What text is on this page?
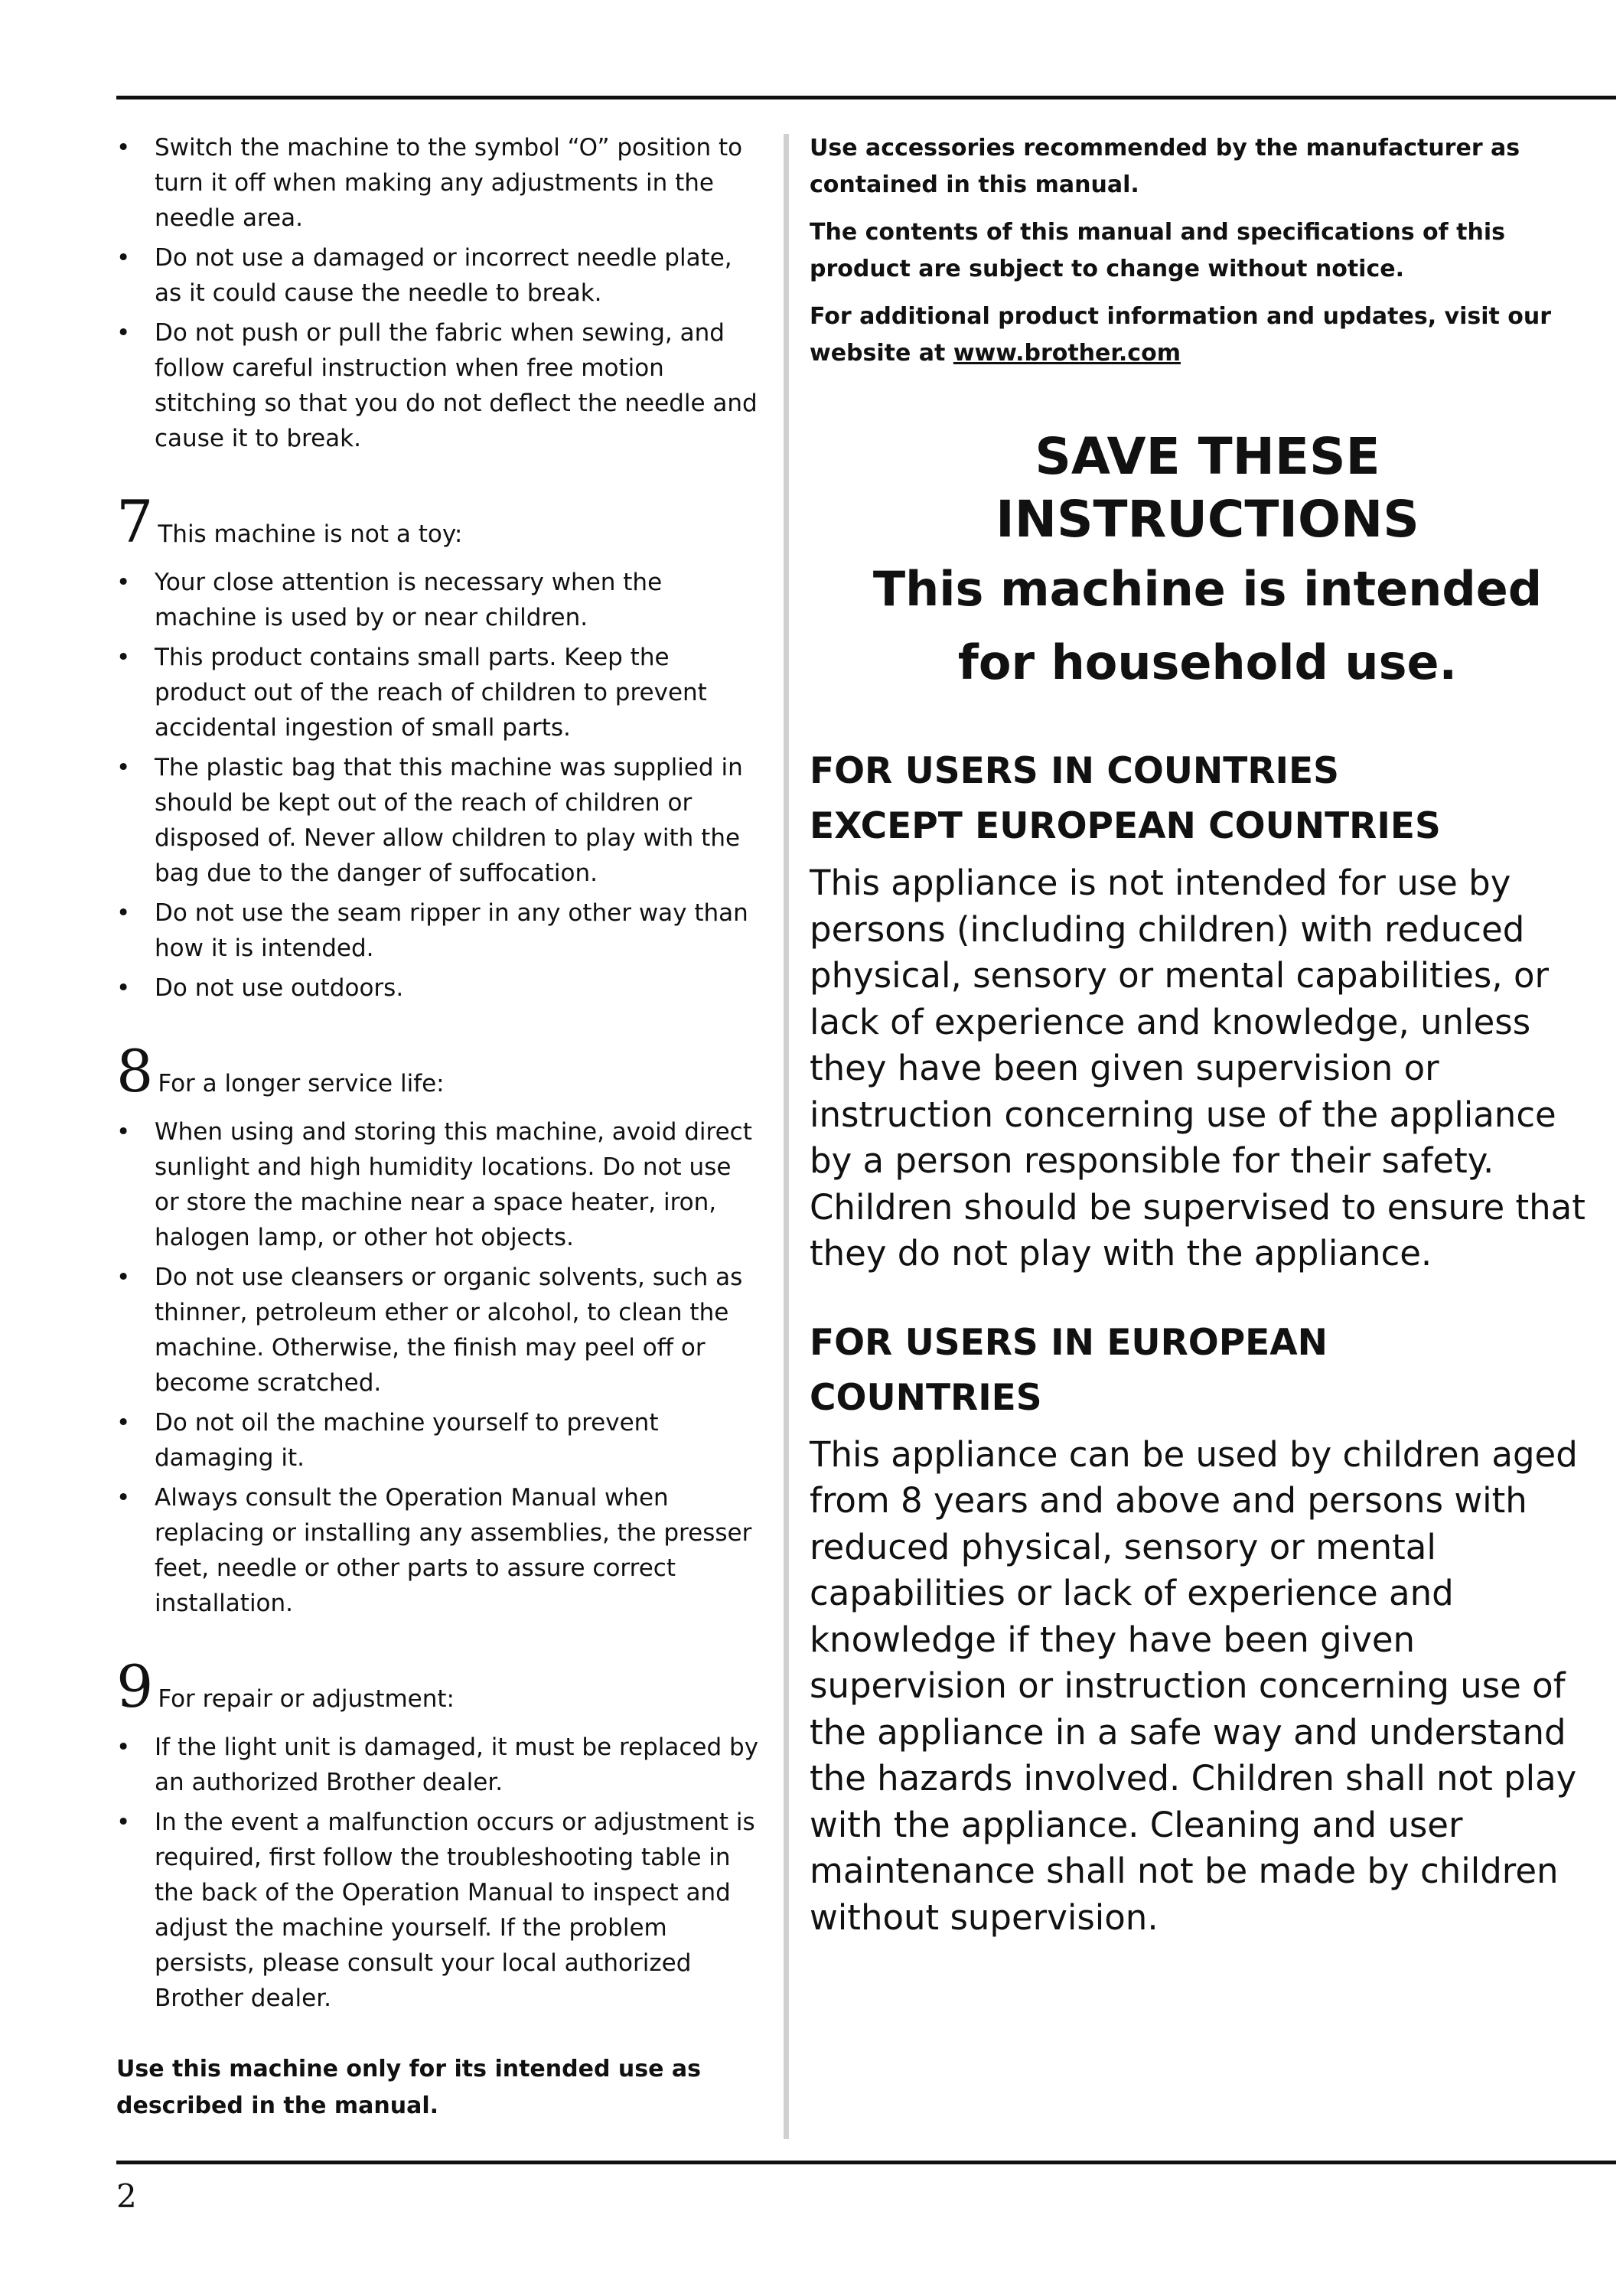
• Switch the machine to the symbol “O” position to turn it off when making any adjustments in the needle area.
• Do not use a damaged or incorrect needle plate, as it could cause the needle to break.
• Do not push or pull the fabric when sewing, and follow careful instruction when free motion stitching so that you do not deflect the needle and cause it to break.
7 This machine is not a toy:
• Your close attention is necessary when the machine is used by or near children.
• This product contains small parts. Keep the product out of the reach of children to prevent accidental ingestion of small parts.
• The plastic bag that this machine was supplied in should be kept out of the reach of children or disposed of. Never allow children to play with the bag due to the danger of suffocation.
• Do not use the seam ripper in any other way than how it is intended.
• Do not use outdoors.
8 For a longer service life:
• When using and storing this machine, avoid direct sunlight and high humidity locations. Do not use or store the machine near a space heater, iron, halogen lamp, or other hot objects.
• Do not use cleansers or organic solvents, such as thinner, petroleum ether or alcohol, to clean the machine. Otherwise, the finish may peel off or become scratched.
• Do not oil the machine yourself to prevent damaging it.
• Always consult the Operation Manual when replacing or installing any assemblies, the presser feet, needle or other parts to assure correct installation.
9 For repair or adjustment:
• If the light unit is damaged, it must be replaced by an authorized Brother dealer.
• In the event a malfunction occurs or adjustment is required, first follow the troubleshooting table in the back of the Operation Manual to inspect and adjust the machine yourself. If the problem persists, please consult your local authorized Brother dealer.
Use this machine only for its intended use as described in the manual.

Use accessories recommended by the manufacturer as contained in this manual.

The contents of this manual and specifications of this product are subject to change without notice.

For additional product information and updates, visit our website at www.brother.com

SAVE THESE
INSTRUCTIONS
This machine is intended
for household use.
FOR USERS IN COUNTRIES
EXCEPT EUROPEAN COUNTRIES
This appliance is not intended for use by persons (including children) with reduced physical, sensory or mental capabilities, or lack of experience and knowledge, unless they have been given supervision or instruction concerning use of the appliance by a person responsible for their safety. Children should be supervised to ensure that they do not play with the appliance.
FOR USERS IN EUROPEAN
COUNTRIES
This appliance can be used by children aged from 8 years and above and persons with reduced physical, sensory or mental capabilities or lack of experience and knowledge if they have been given supervision or instruction concerning use of the appliance in a safe way and understand the hazards involved. Children shall not play with the appliance. Cleaning and user maintenance shall not be made by children without supervision.
2
